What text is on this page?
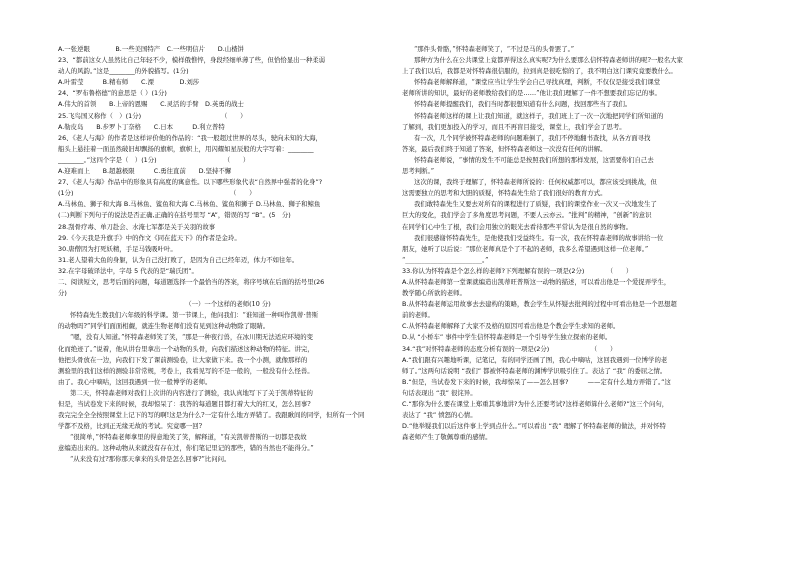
A.一张逆眼　　　　B.一些美国特产　C.一些明信片　　D.山楂饼
23、“都前这女人虽然比自己年轻不少，模样俄憔悴，身段经细单薄了些，但恰恰显出一种柔弱
动人的风韵。”这是________的外貌描写。(1分)
A.叶雷莹　　　B.精布师　　C.溧　　　　D.刘莎
24、“罗布鲁格德”的意思是（ ）(1分)
A.伟大的首领　　B.上帝的恩赐　　C.灵活的手臂　D.英勇的战士
25.飞鸟国又称作（　）(1分)　　　　　　　　　　　　　（　　）
A.勒皮岛　　B.步罗卜丁奈格　　C.日本　　　D.利立普特
26、《老人与海》的作者是这样评价他的作品的：“我一般超过世界的尽头，驶向未知的大海，
船头上悬挂着一面虽然破旧却飘扬的旗帜，旗帜上，用闪耀如星辰般的大字写着：________
________。”这四个字是（　）(1分)　　　　　　　　　　　（　　）
A.迎难而上　　B.超越极限　　　C.勇往直前　　D.坚持不懈
27、《老人与海》作品中的形象具有高度的寓意性。以下哪些形象代表“自然界中强者的化身”?
(1分)　　　　　　　　　　　　　　　　　　　　　　　　　（　　）
A.马林鱼、狮子和大海 B.马林鱼、鲨鱼和大海 C.马林鱼、鲨鱼和狮子 D.马林鱼、狮子和鲸鱼
(二)判断下列句子的说法是否正确,正确的在括号里写 “A”，错误的写 “B”。(5　分)
28.刮骨疗毒、单刀赴会、水淹七军都是关于关羽的故事
29.《今天我是升旗手》中的作文《同在蓝天下》的作者是金玲。
30.唐僧因为打死妖精，手足马钱吸叶叶。
31.老人望着大鱼的身躯，认为自己没打败了，是因为自己已经年迈，体力不如往年。
32.在字母破译法中，字母 5 代表的是“瑞氏团”。
二、阅读短文，思考后面的问题，每道题选择一个最恰当的答案，将序号填在后面的括号里(26
分)
（一）一个这样的老师(10 分)
怀特森先生教我们六年级的科学课。第一节课上，他问我们：“谁知道一种叫作凯蒂·普斯
的动物吗?”同学们面面相觑，就连生物老师们没有见到这种动物除了眼睛。
“嗯，没有人知道。”怀特森老师笑了笑，“那是一种夜行兽，在冰川期无法适应环境的变
化而绝迹了。”说着，他从讲台里拿出一个动物的头骨，向我们描述这种动物的特征。讲完，
他把头骨放在一边，向我们下发了课前测验卷，让大家做下来。我一个小测，就像那样的
测验里的我们这样的测验非常常规，考卷上，我看见写的不是一般的，一般没有什么怪兽。
由了。我心中嘀咕，这回我遇到一位一般博学的老师。
第二天，怀特森老师对我们上次讲的内容进行了测验，我认真地写下了关于凯蒂特征的
但是，当试卷发下来的时候，我却惊呆了：我答的每道题目都打着大大的红叉，怎么回事?
我完完全全全按照课堂上记下的写的啊!这是为什么?一定有什么地方弄错了。我跟瞅间的同学，但所有一个同
学都不及格，比到正无缘无故的考试。究竟哪一回?
“很简单，”怀特森老师拿里的得意地笑了笑，解释道，“有关凯蒂普斯的一切都是我故
意编造出来的。这种动物从来就没有存在过，你们笔记里记的那些，错的当然也不能得分。”
“从来没有过?那你那天拿来的头骨是怎么回事?”比问问。
“那件头骨骼，”怀特森老师笑了，“不过是马的头骨罢了。”
那种方为什么在公共课堂上竟都弄得这么真实呢?为什么要那么信怀特森老师讲的呢?一般名大家
上了我们以后，我都是对怀特森很信服的，拉到真是很吃惊的了，我不明白这门课究竟要教什么。
怀特森老师解释道，“课堂应当让学生学会自己寻找真理，判断，不仅仅是接受我们课堂
老师所讲的知识，最好的老师教给我们的是……”他让我们理解了一件不想要我们忘记的事。
怀特森老师提醒我们，我们当时都很想知道有什么问题，找回那些当了我们。
怀特森老师这样的课上让我们知道，就这样子，我们班上了一次一次地把同学们所知道的
了解到，我们更加投入的学习，而且不再盲目接受，课堂上，我们学会了思考。
有一次，几个同学被怀特森老师的问题难倒了，我们不停地翻书查找，从各方面寻找
答案，最后我们终于知道了答案，但怀特森老师这一次没有任何的讲解。
怀特森老师说，“事情的发生不可能总是按照我们所想的那样发展，这需要你们自己去
思考判断。”
这次的课，我终于理解了，怀特森老师所说的：任何权威都可以，都应该受到挑战，但
这需要独立的思考和大胆的质疑，怀特森先生给了我们很好的教育方式。
我们敢特森先生又要去对所有的课程进行了质疑，我们的课堂作业一次又一次地发生了
巨大的变化，我们学会了多角度思考问题，不要人云亦云。“批判”的精神，“创新”的意识
在同学们心中生了根，我们会用独立的眼光去看待那些平常认为是很自然的事物。
我们很感谢怀特森先生，是他使我们受益终生。有一次，我在怀特森老师的故事讲给一位
朋友，她听了以后说：“那位老师真是个了不起的老师，我多么希望遇到这样一位老师。”
“________________________。”
33.你认为怀特森是个怎么样的老师?下列理解有误的一项是(2分)　　　　（　　）
A.从怀特森老师第一堂课就编造出凯蒂旺普斯这一动物的描述，可以看出他是一个爱捉弄学生，
教学随心所欲的老师。
B.从怀特森老师运用故事去去建构的策略，教会学生从怀疑去批判的过程中可看出他是一个思想超
前的老师。
C.从怀特森老师解释了大家不及格的原因可看出他是个教会学生求知的老师。
D.从 “小桥车” 事件中学生信怀特森老师是一个引导学生独立探索的老师。
34.“我”对怀特森老师的态度分析有误的一项是(2分)　　　　　　　（　　）
A.“我们跟有兴趣地听课，记笔记，有的同学还画了图，我心中嘀咕，这回我遇到一位博学的老
师了。”这两句话说明 “我们” 都被怀特森老师的渊博学识吸引住了。表达了 “我” 的委屈之情。
B.“但是，当试卷发下来的时候，我却惊呆了——怎么回事?　　　——定有什么地方弄错了。”这
句话表现出 “我” 很诧异。
C.“那你为什么要在课堂上郑重其事地讲?为什么还要考试?这样老师算什么老师?”这三个问句，
表达了 “我” 愤怒的心情。
D.“他举疑我们以后这件事上学到点什么。”可以看出 “我” 理解了怀特森老师的做法，并对怀特
森老师产生了敬佩尊重的感情。
